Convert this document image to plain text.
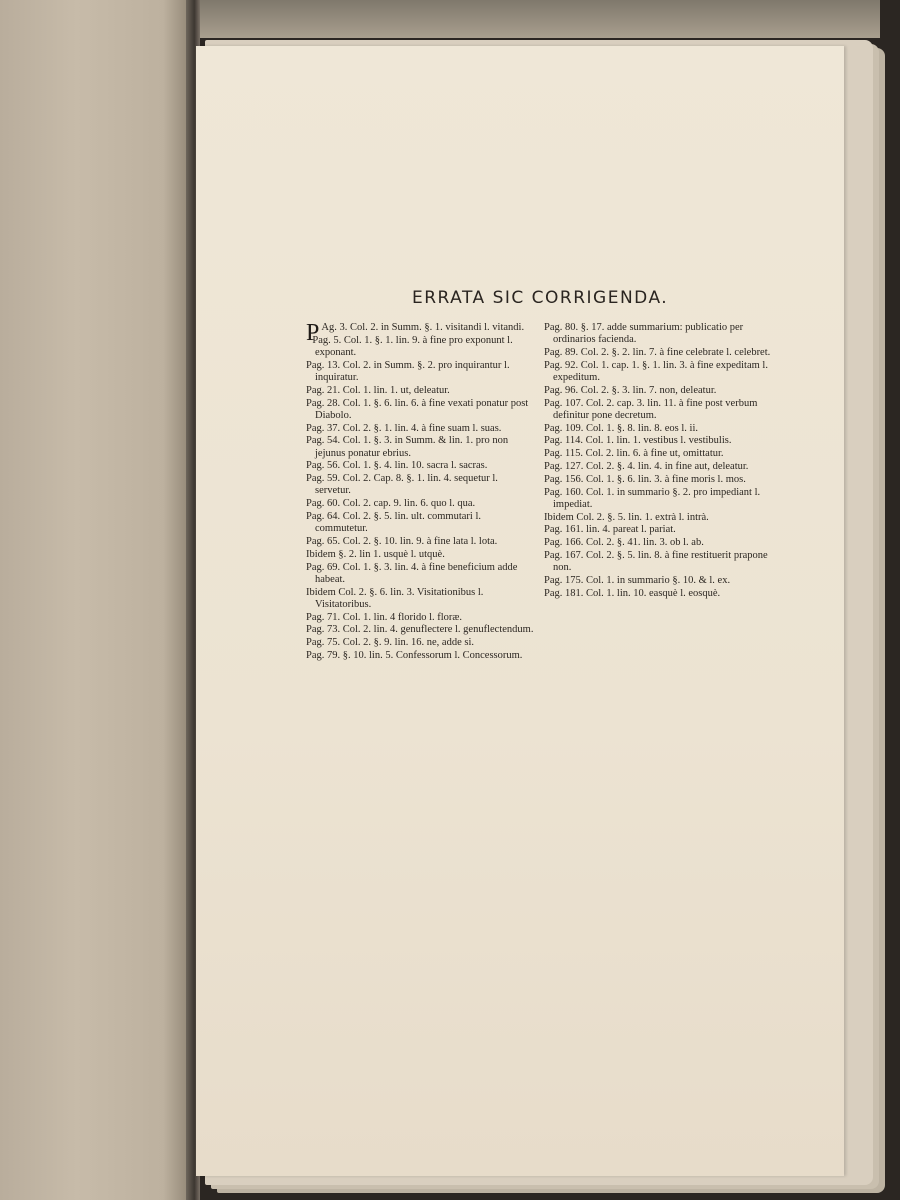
ERRATA SIC CORRIGENDA.
P Ag. 3. Col. 2. in Summ. §. 1. visitandi l. vitandi.
Pag. 5. Col. 1. §. 1. lin. 9. à fine pro exponunt l. exponant.
Pag. 13. Col. 2. in Summ. §. 2. pro inquirantur l. inquiratur.
Pag. 21. Col. 1. lin. 1. ut, deleatur.
Pag. 28. Col. 1. §. 6. lin. 6. à fine vexati ponatur post Diabolo.
Pag. 37. Col. 2. §. 1. lin. 4. à fine suam l. suas.
Pag. 54. Col. 1. §. 3. in Summ. & lin. 1. pro non jejunus ponatur ebrius.
Pag. 56. Col. 1. §. 4. lin. 10. sacra l. sacras.
Pag. 59. Col. 2. Cap. 8. §. 1. lin. 4. sequetur l. servetur.
Pag. 60. Col. 2. cap. 9. lin. 6. quo l. qua.
Pag. 64. Col. 2. §. 5. lin. ult. commutari l. commutetur.
Pag. 65. Col. 2. §. 10. lin. 9. à fine lata l. lota.
Ibidem §. 2. lin 1. usquè l. utquè.
Pag. 69. Col. 1. §. 3. lin. 4. à fine beneficium adde habeat.
Ibidem Col. 2. §. 6. lin. 3. Visitationibus l. Visitatoribus.
Pag. 71. Col. 1. lin. 4 florido l. floræ.
Pag. 73. Col. 2. lin. 4. genuflectere l. genuflectendum.
Pag. 75. Col. 2. §. 9. lin. 16. ne, adde si.
Pag. 79. §. 10. lin. 5. Confessorum l. Concessorum.
Pag. 80. §. 17. adde summarium: publicatio per ordinarios facienda.
Pag. 89. Col. 2. §. 2. lin. 7. à fine celebrate l. celebret.
Pag. 92. Col. 1. cap. 1. §. 1. lin. 3. à fine expeditam l. expeditum.
Pag. 96. Col. 2. §. 3. lin. 7. non, deleatur.
Pag. 107. Col. 2. cap. 3. lin. 11. à fine post verbum definitur pone decretum.
Pag. 109. Col. 1. §. 8. lin. 8. eos l. ii.
Pag. 114. Col. 1. lin. 1. vestibus l. vestibulis.
Pag. 115. Col. 2. lin. 6. à fine ut, omittatur.
Pag. 127. Col. 2. §. 4. lin. 4. in fine aut, deleatur.
Pag. 156. Col. 1. §. 6. lin. 3. à fine moris l. mos.
Pag. 160. Col. 1. in summario §. 2. pro impediant l. impediat.
Ibidem Col. 2. §. 5. lin. 1. extrà l. intrà.
Pag. 161. lin. 4. pareat l. pariat.
Pag. 166. Col. 2. §. 41. lin. 3. ob l. ab.
Pag. 167. Col. 2. §. 5. lin. 8. à fine restituerit prapone non.
Pag. 175. Col. 1. in summario §. 10. & l. ex.
Pag. 181. Col. 1. lin. 10. easquè l. eosquè.
